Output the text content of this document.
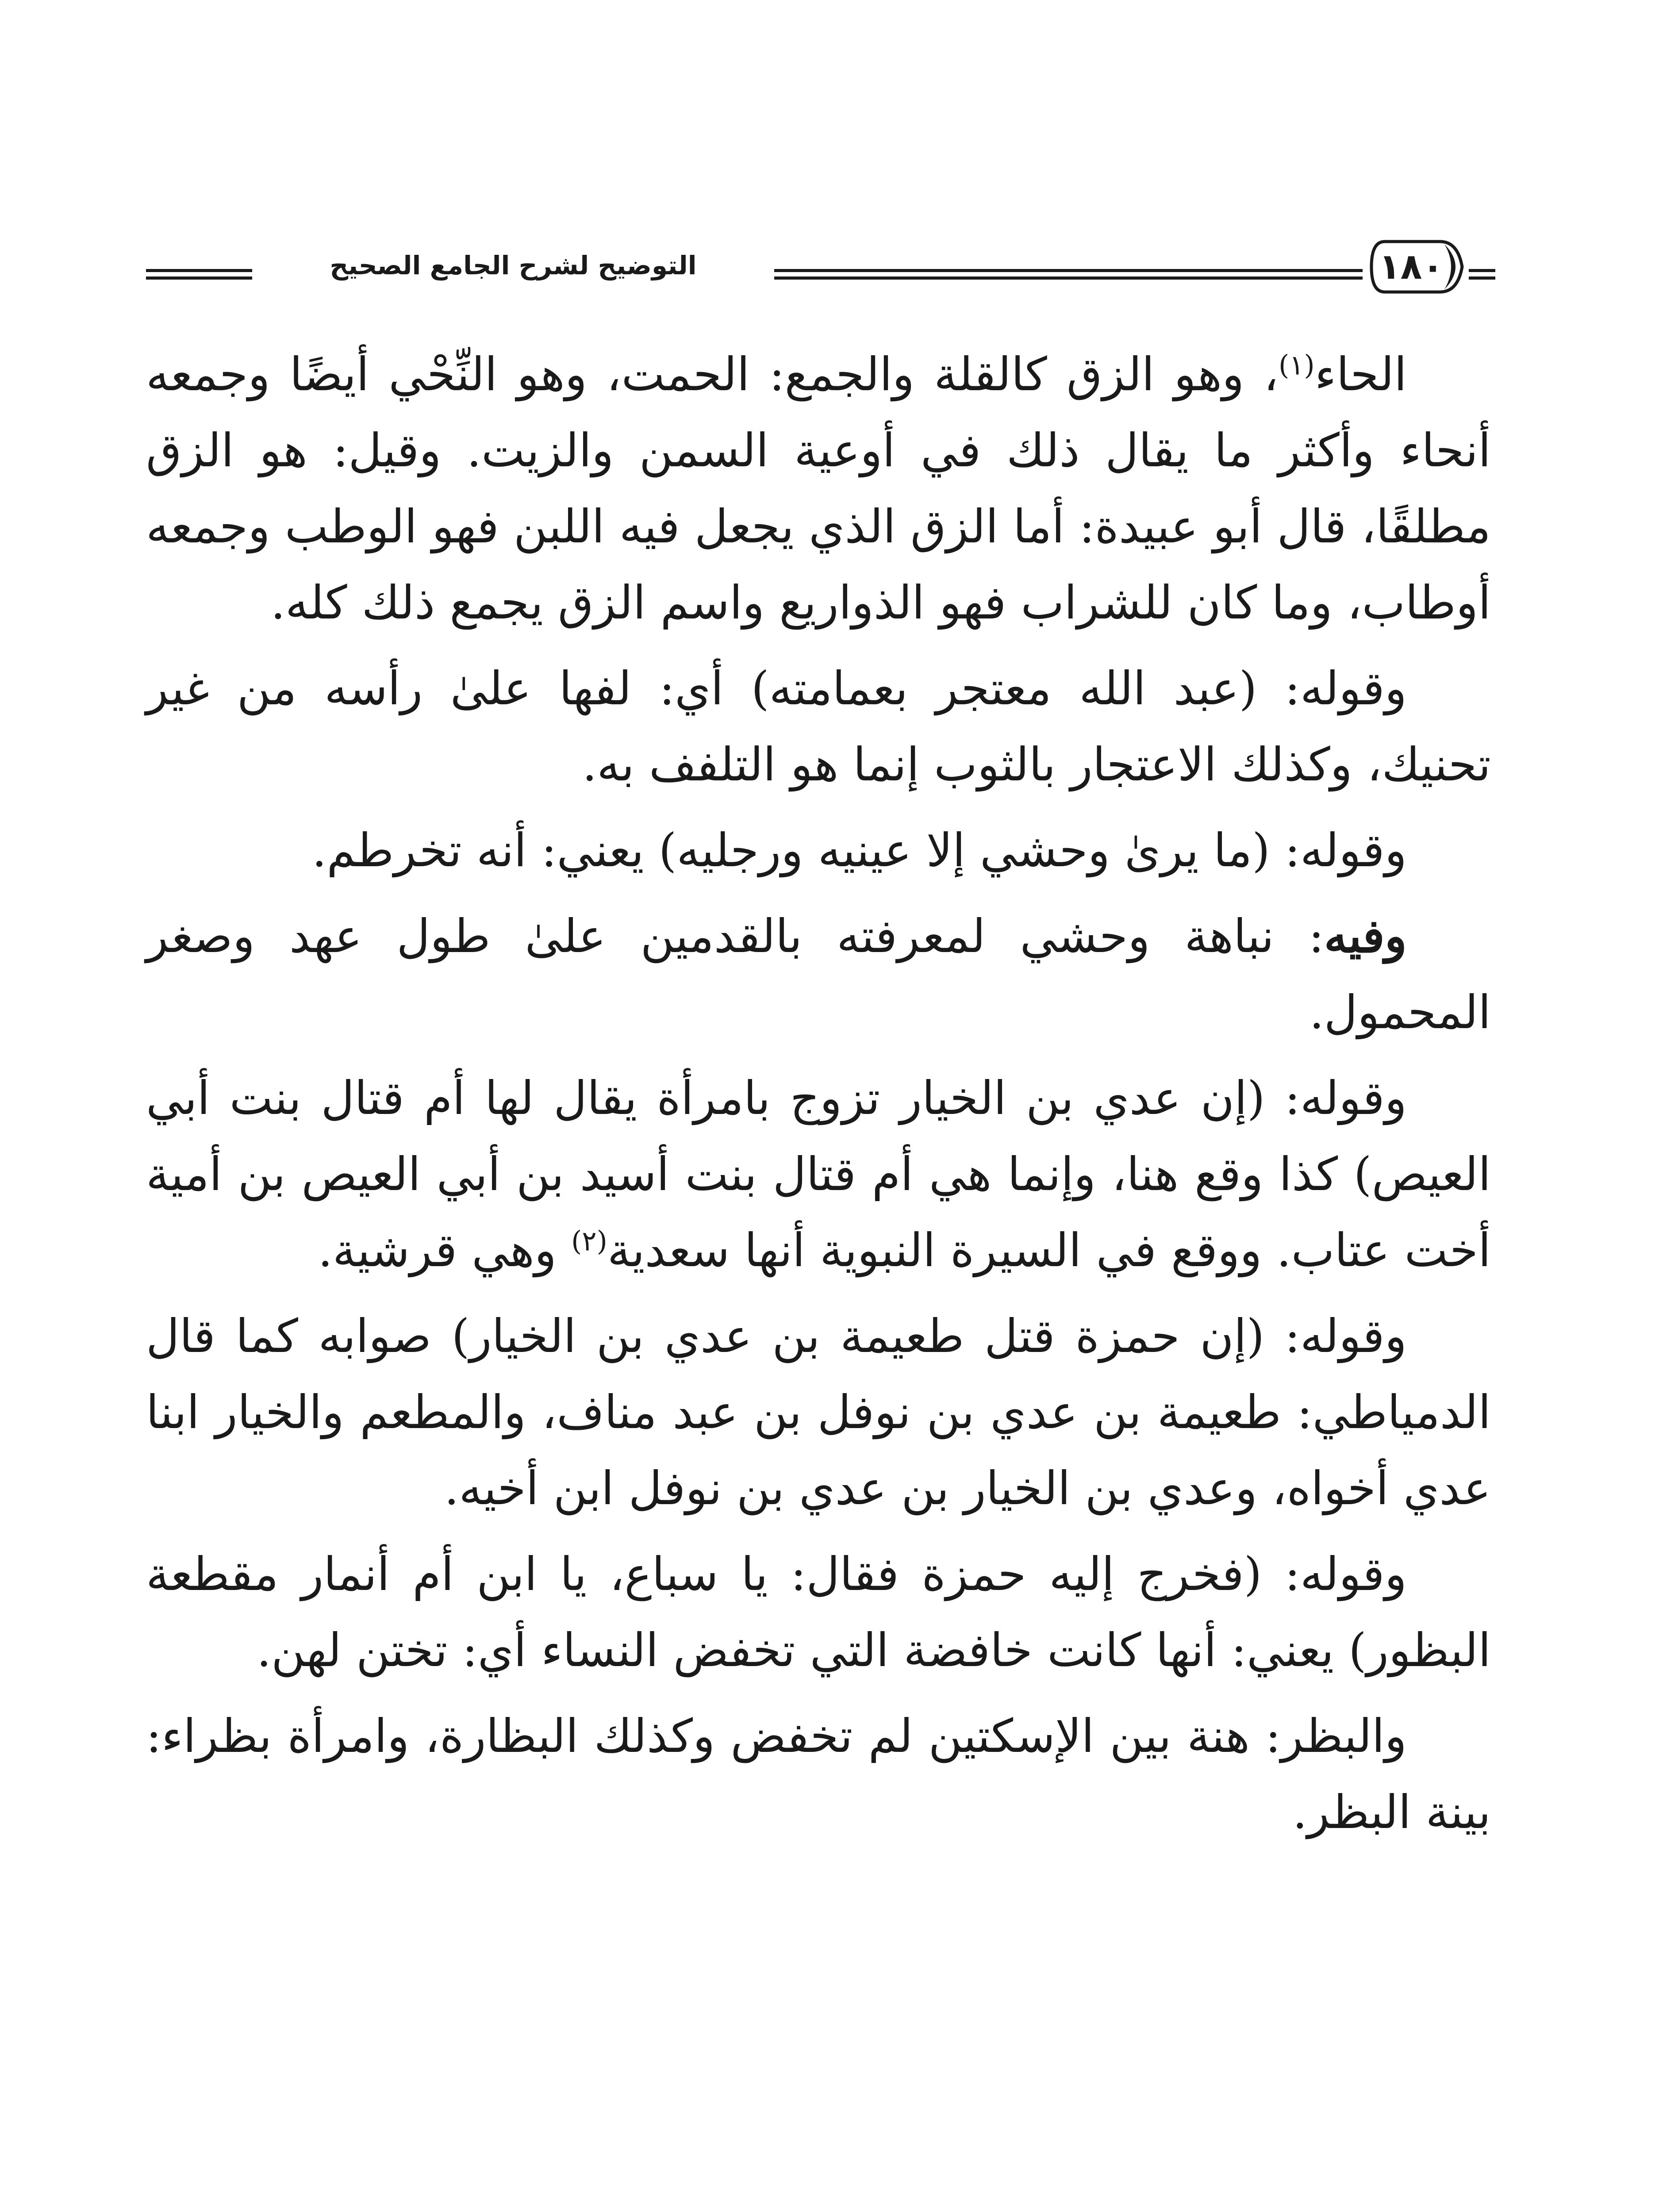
التوضيح لشرح الجامع الصحيح	١٨٠

الحاء$^{(١)}$، وهو الزق كالقلة والجمع: الحمت، وهو النِّحْي أيضًا وجمعه أنحاء وأكثر ما يقال ذلك في أوعية السمن والزيت. وقيل: هو الزق مطلقًا، قال أبو عبيدة: أما الزق الذي يجعل فيه اللبن فهو الوطب وجمعه أوطاب، وما كان للشراب فهو الذواريع واسم الزق يجمع ذلك كله.

وقوله: (عبد الله معتجر بعمامته) أي: لفها علىٰ رأسه من غير تحنيك، وكذلك الاعتجار بالثوب إنما هو التلفف به.

وقوله: (ما يرىٰ وحشي إلا عينيه ورجليه) يعني: أنه تخرطم.

وفيه: نباهة وحشي لمعرفته بالقدمين علىٰ طول عهد وصغر المحمول.

وقوله: (إن عدي بن الخيار تزوج بامرأة يقال لها أم قتال بنت أبي العيص) كذا وقع هنا، وإنما هي أم قتال بنت أسيد بن أبي العيص بن أمية أخت عتاب. ووقع في السيرة النبوية أنها سعدية$^{(٢)}$ وهي قرشية.

وقوله: (إن حمزة قتل طعيمة بن عدي بن الخيار) صوابه كما قال الدمياطي: طعيمة بن عدي بن نوفل بن عبد مناف، والمطعم والخيار ابنا عدي أخواه، وعدي بن الخيار بن عدي بن نوفل ابن أخيه.

وقوله: (فخرج إليه حمزة فقال: يا سباع، يا ابن أم أنمار مقطعة البظور) يعني: أنها كانت خافضة التي تخفض النساء أي: تختن لهن.

والبظر: هنة بين الإسكتين لم تخفض وكذلك البظارة، وامرأة بظراء: بينة البظر.
